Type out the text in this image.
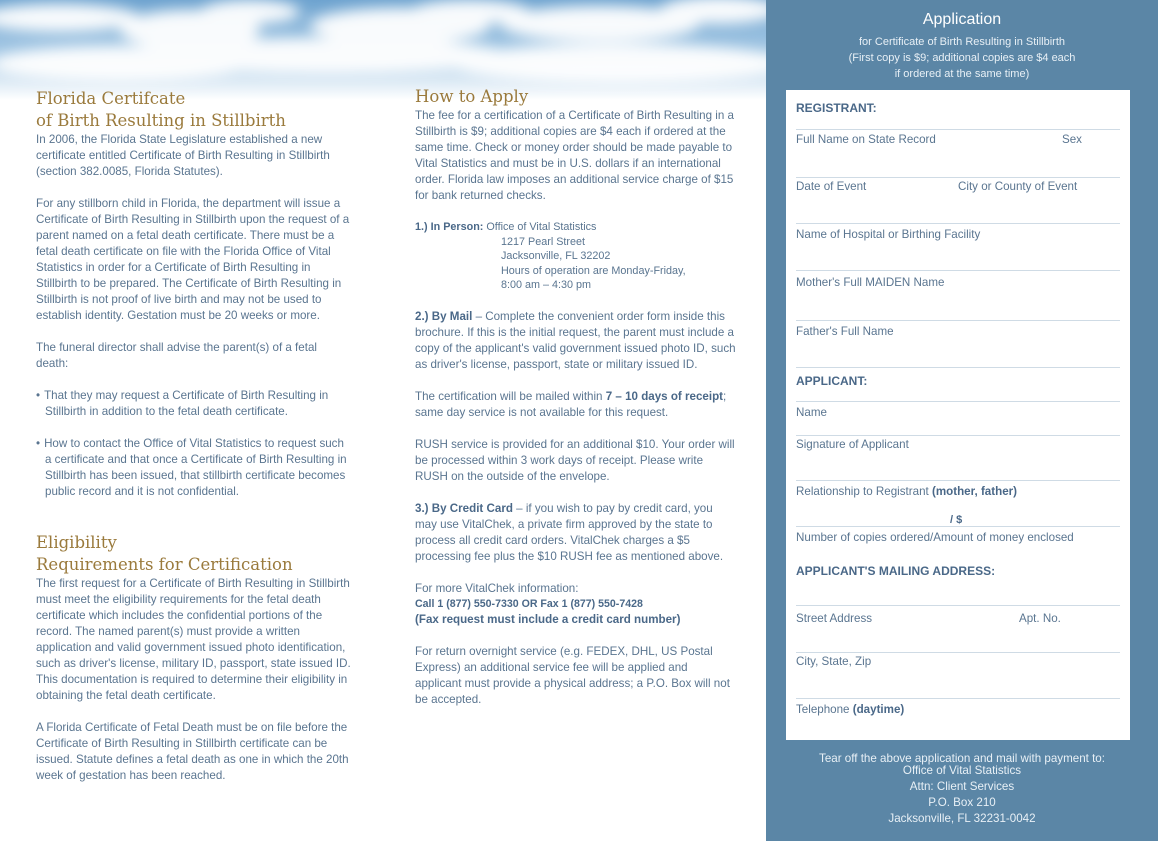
Florida Certifcate
of Birth Resulting in Stillbirth
In 2006, the Florida State Legislature established a new certificate entitled Certificate of Birth Resulting in Stillbirth (section 382.0085, Florida Statutes).
For any stillborn child in Florida, the department will issue a Certificate of Birth Resulting in Stillbirth upon the request of a parent named on a fetal death certificate. There must be a fetal death certificate on file with the Florida Office of Vital Statistics in order for a Certificate of Birth Resulting in Stillbirth to be prepared. The Certificate of Birth Resulting in Stillbirth is not proof of live birth and may not be used to establish identity. Gestation must be 20 weeks or more.
The funeral director shall advise the parent(s) of a fetal death:
• That they may request a Certificate of Birth Resulting in Stillbirth in addition to the fetal death certificate.
• How to contact the Office of Vital Statistics to request such a certificate and that once a Certificate of Birth Resulting in Stillbirth has been issued, that stillbirth certificate becomes public record and it is not confidential.
Eligibility
Requirements for Certification
The first request for a Certificate of Birth Resulting in Stillbirth must meet the eligibility requirements for the fetal death certificate which includes the confidential portions of the record. The named parent(s) must provide a written application and valid government issued photo identification, such as driver's license, military ID, passport, state issued ID. This documentation is required to determine their eligibility in obtaining the fetal death certificate.
A Florida Certificate of Fetal Death must be on file before the Certificate of Birth Resulting in Stillbirth certificate can be issued. Statute defines a fetal death as one in which the 20th week of gestation has been reached.
How to Apply
The fee for a certification of a Certificate of Birth Resulting in a Stillbirth is $9; additional copies are $4 each if ordered at the same time. Check or money order should be made payable to Vital Statistics and must be in U.S. dollars if an international order. Florida law imposes an additional service charge of $15 for bank returned checks.
1.) In Person: Office of Vital Statistics
1217 Pearl Street
Jacksonville, FL 32202
Hours of operation are Monday-Friday,
8:00 am – 4:30 pm
2.) By Mail – Complete the convenient order form inside this brochure. If this is the initial request, the parent must include a copy of the applicant's valid government issued photo ID, such as driver's license, passport, state or military issued ID.
The certification will be mailed within 7 – 10 days of receipt; same day service is not available for this request.
RUSH service is provided for an additional $10. Your order will be processed within 3 work days of receipt. Please write RUSH on the outside of the envelope.
3.) By Credit Card – if you wish to pay by credit card, you may use VitalChek, a private firm approved by the state to process all credit card orders. VitalChek charges a $5 processing fee plus the $10 RUSH fee as mentioned above.
For more VitalChek information:
Call 1 (877) 550-7330 OR Fax 1 (877) 550-7428
(Fax request must include a credit card number)
For return overnight service (e.g. FEDEX, DHL, US Postal Express) an additional service fee will be applied and applicant must provide a physical address; a P.O. Box will not be accepted.
Application
for Certificate of Birth Resulting in Stillbirth
(First copy is $9; additional copies are $4 each
if ordered at the same time)
REGISTRANT:
Full Name on State Record	Sex
Date of Event	City or County of Event
Name of Hospital or Birthing Facility
Mother's Full MAIDEN Name
Father's Full Name
APPLICANT:
Name
Signature of Applicant
Relationship to Registrant (mother, father)
/ $
Number of copies ordered/Amount of money enclosed
APPLICANT'S MAILING ADDRESS:
Street Address	Apt. No.
City, State, Zip
Telephone (daytime)
Tear off the above application and mail with payment to:
Office of Vital Statistics
Attn: Client Services
P.O. Box 210
Jacksonville, FL 32231-0042
